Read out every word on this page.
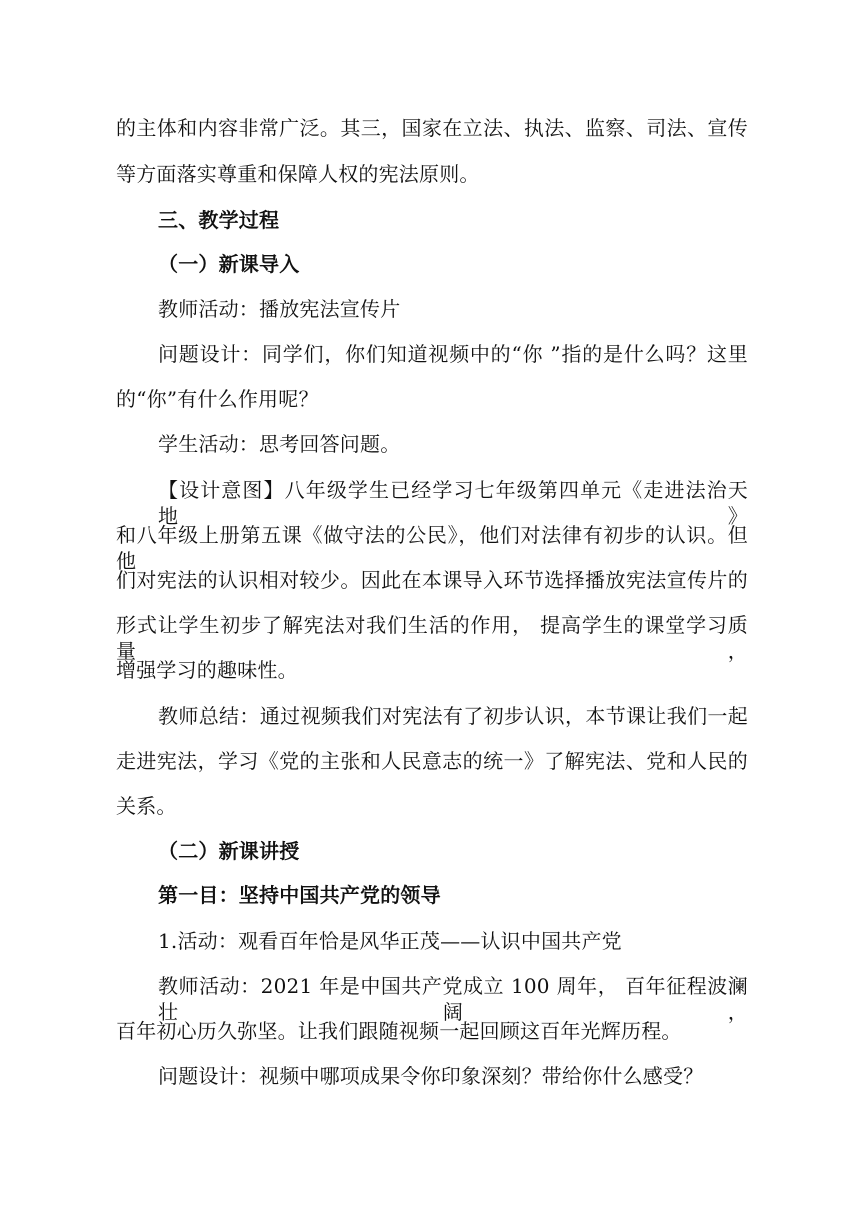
的主体和内容非常广泛。其三，国家在立法、执法、监察、司法、宣传
等方面落实尊重和保障人权的宪法原则。
三、教学过程
（一）新课导入
教师活动：播放宪法宣传片
问题设计：同学们，你们知道视频中的“你 ”指的是什么吗？这里
的“你”有什么作用呢？
学生活动：思考回答问题。
【设计意图】八年级学生已经学习七年级第四单元《走进法治天地》
和八年级上册第五课《做守法的公民》，他们对法律有初步的认识。但他
们对宪法的认识相对较少。因此在本课导入环节选择播放宪法宣传片的
形式让学生初步了解宪法对我们生活的作用， 提高学生的课堂学习质量，
增强学习的趣味性。
教师总结：通过视频我们对宪法有了初步认识，本节课让我们一起
走进宪法，学习《党的主张和人民意志的统一》了解宪法、党和人民的
关系。
（二）新课讲授
第一目：坚持中国共产党的领导
1.活动：观看百年恰是风华正茂——认识中国共产党
教师活动：2021 年是中国共产党成立 100 周年， 百年征程波澜壮阔，
百年初心历久弥坚。让我们跟随视频一起回顾这百年光辉历程。
问题设计：视频中哪项成果令你印象深刻？带给你什么感受？
